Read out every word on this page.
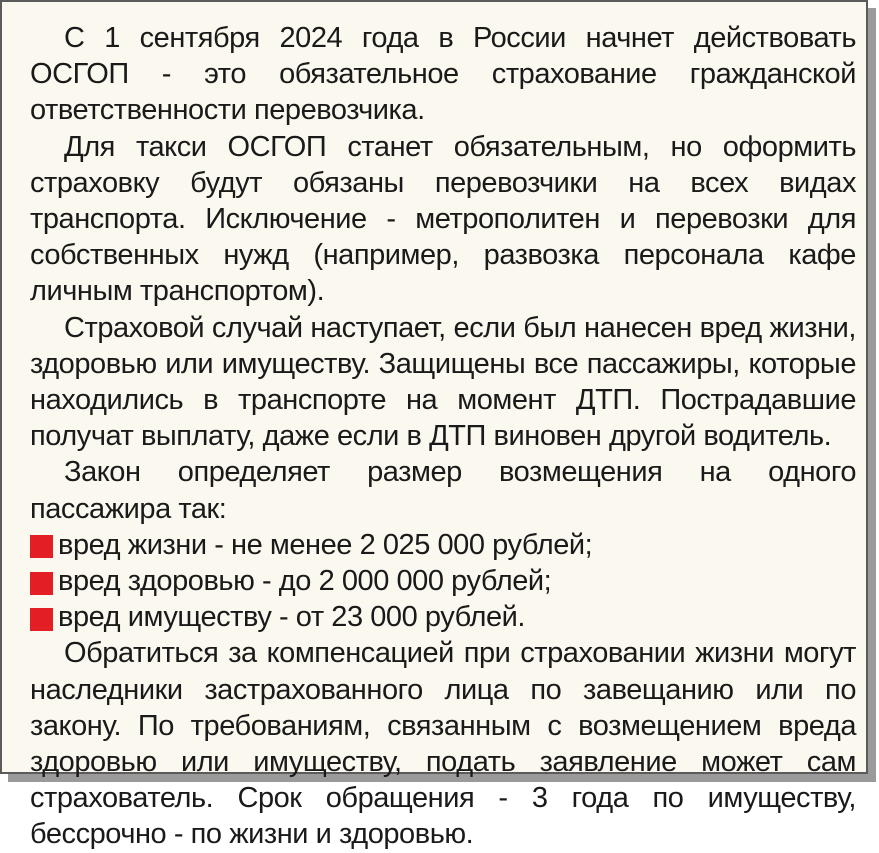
С 1 сентября 2024 года в России начнет действовать ОСГОП - это обязательное страхование гражданской ответственности перевозчика.

Для такси ОСГОП станет обязательным, но оформить страховку будут обязаны перевозчики на всех видах транспорта. Исключение - метрополитен и перевозки для собственных нужд (например, развозка персонала кафе личным транспортом).

Страховой случай наступает, если был нанесен вред жизни, здоровью или имуществу. Защищены все пассажиры, которые находились в транспорте на момент ДТП. Пострадавшие получат выплату, даже если в ДТП виновен другой водитель.

Закон определяет размер возмещения на одного пассажира так:

вред жизни - не менее 2 025 000 рублей;
вред здоровью - до 2 000 000 рублей;
вред имуществу - от 23 000 рублей.

Обратиться за компенсацией при страховании жизни могут наследники застрахованного лица по завещанию или по закону. По требованиям, связанным с возмещением вреда здоровью или имуществу, подать заявление может сам страхователь. Срок обращения - 3 года по имуществу, бессрочно - по жизни и здоровью.
